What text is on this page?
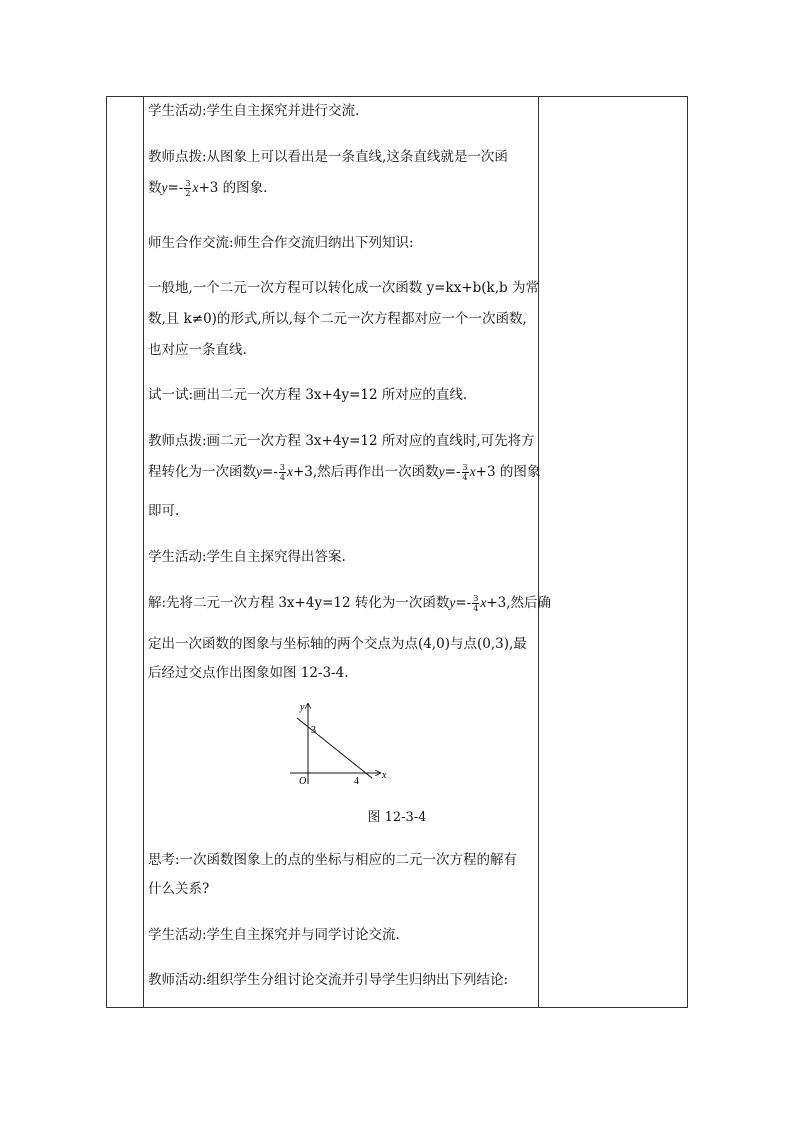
学生活动:学生自主探究并进行交流.
教师点拨:从图象上可以看出是一条直线,这条直线就是一次函
数$y=- \frac{3}{2} x+3$ 的图象.
师生合作交流:师生合作交流归纳出下列知识:
一般地,一个二元一次方程可以转化成一次函数 y=kx+b(k,b 为常
数,且 k≠0)的形式,所以,每个二元一次方程都对应一个一次函数,
也对应一条直线.
试一试:画出二元一次方程 3x+4y=12 所对应的直线.
教师点拨:画二元一次方程 3x+4y=12 所对应的直线时,可先将方
程转化为一次函数$y=- \frac{3}{4} x+3$,然后再作出一次函数$y=- \frac{3}{4} x+3$ 的图象
即可.
学生活动:学生自主探究得出答案.
解:先将二元一次方程 3x+4y=12 转化为一次函数$y=- \frac{3}{4} x+3$,然后确
定出一次函数的图象与坐标轴的两个交点为点(4,0)与点(0,3),最
后经过交点作出图象如图 12-3-4.
y
x
O
3
4
图 12-3-4
思考:一次函数图象上的点的坐标与相应的二元一次方程的解有
什么关系?
学生活动:学生自主探究并与同学讨论交流.
教师活动:组织学生分组讨论交流并引导学生归纳出下列结论:
